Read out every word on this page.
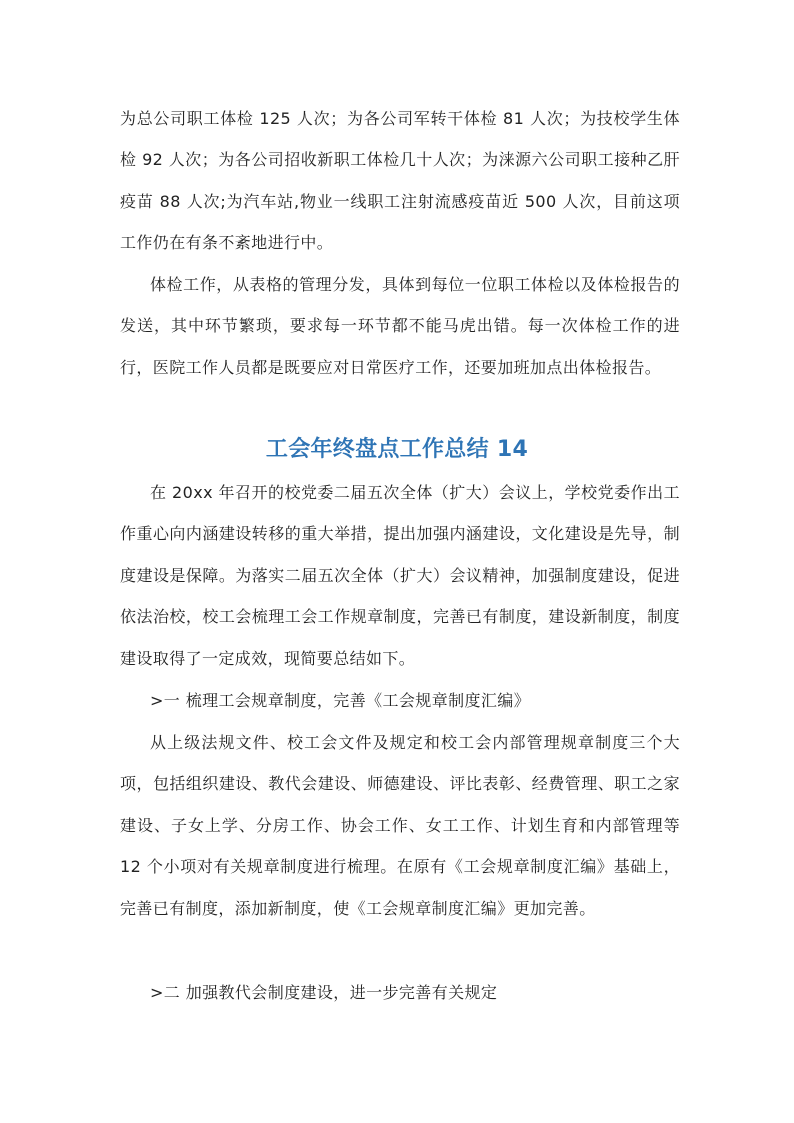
为总公司职工体检 125 人次；为各公司军转干体检 81 人次；为技校学生体检 92 人次；为各公司招收新职工体检几十人次；为涞源六公司职工接种乙肝疫苗 88 人次;为汽车站,物业一线职工注射流感疫苗近 500 人次，目前这项工作仍在有条不紊地进行中。

体检工作，从表格的管理分发，具体到每位一位职工体检以及体检报告的发送，其中环节繁琐，要求每一环节都不能马虎出错。每一次体检工作的进行，医院工作人员都是既要应对日常医疗工作，还要加班加点出体检报告。

工会年终盘点工作总结 14

在 20xx 年召开的校党委二届五次全体（扩大）会议上，学校党委作出工作重心向内涵建设转移的重大举措，提出加强内涵建设，文化建设是先导，制度建设是保障。为落实二届五次全体（扩大）会议精神，加强制度建设，促进依法治校，校工会梳理工会工作规章制度，完善已有制度，建设新制度，制度建设取得了一定成效，现简要总结如下。

>一 梳理工会规章制度，完善《工会规章制度汇编》

从上级法规文件、校工会文件及规定和校工会内部管理规章制度三个大项，包括组织建设、教代会建设、师德建设、评比表彰、经费管理、职工之家建设、子女上学、分房工作、协会工作、女工工作、计划生育和内部管理等 12 个小项对有关规章制度进行梳理。在原有《工会规章制度汇编》基础上，完善已有制度，添加新制度，使《工会规章制度汇编》更加完善。

>二 加强教代会制度建设，进一步完善有关规定
